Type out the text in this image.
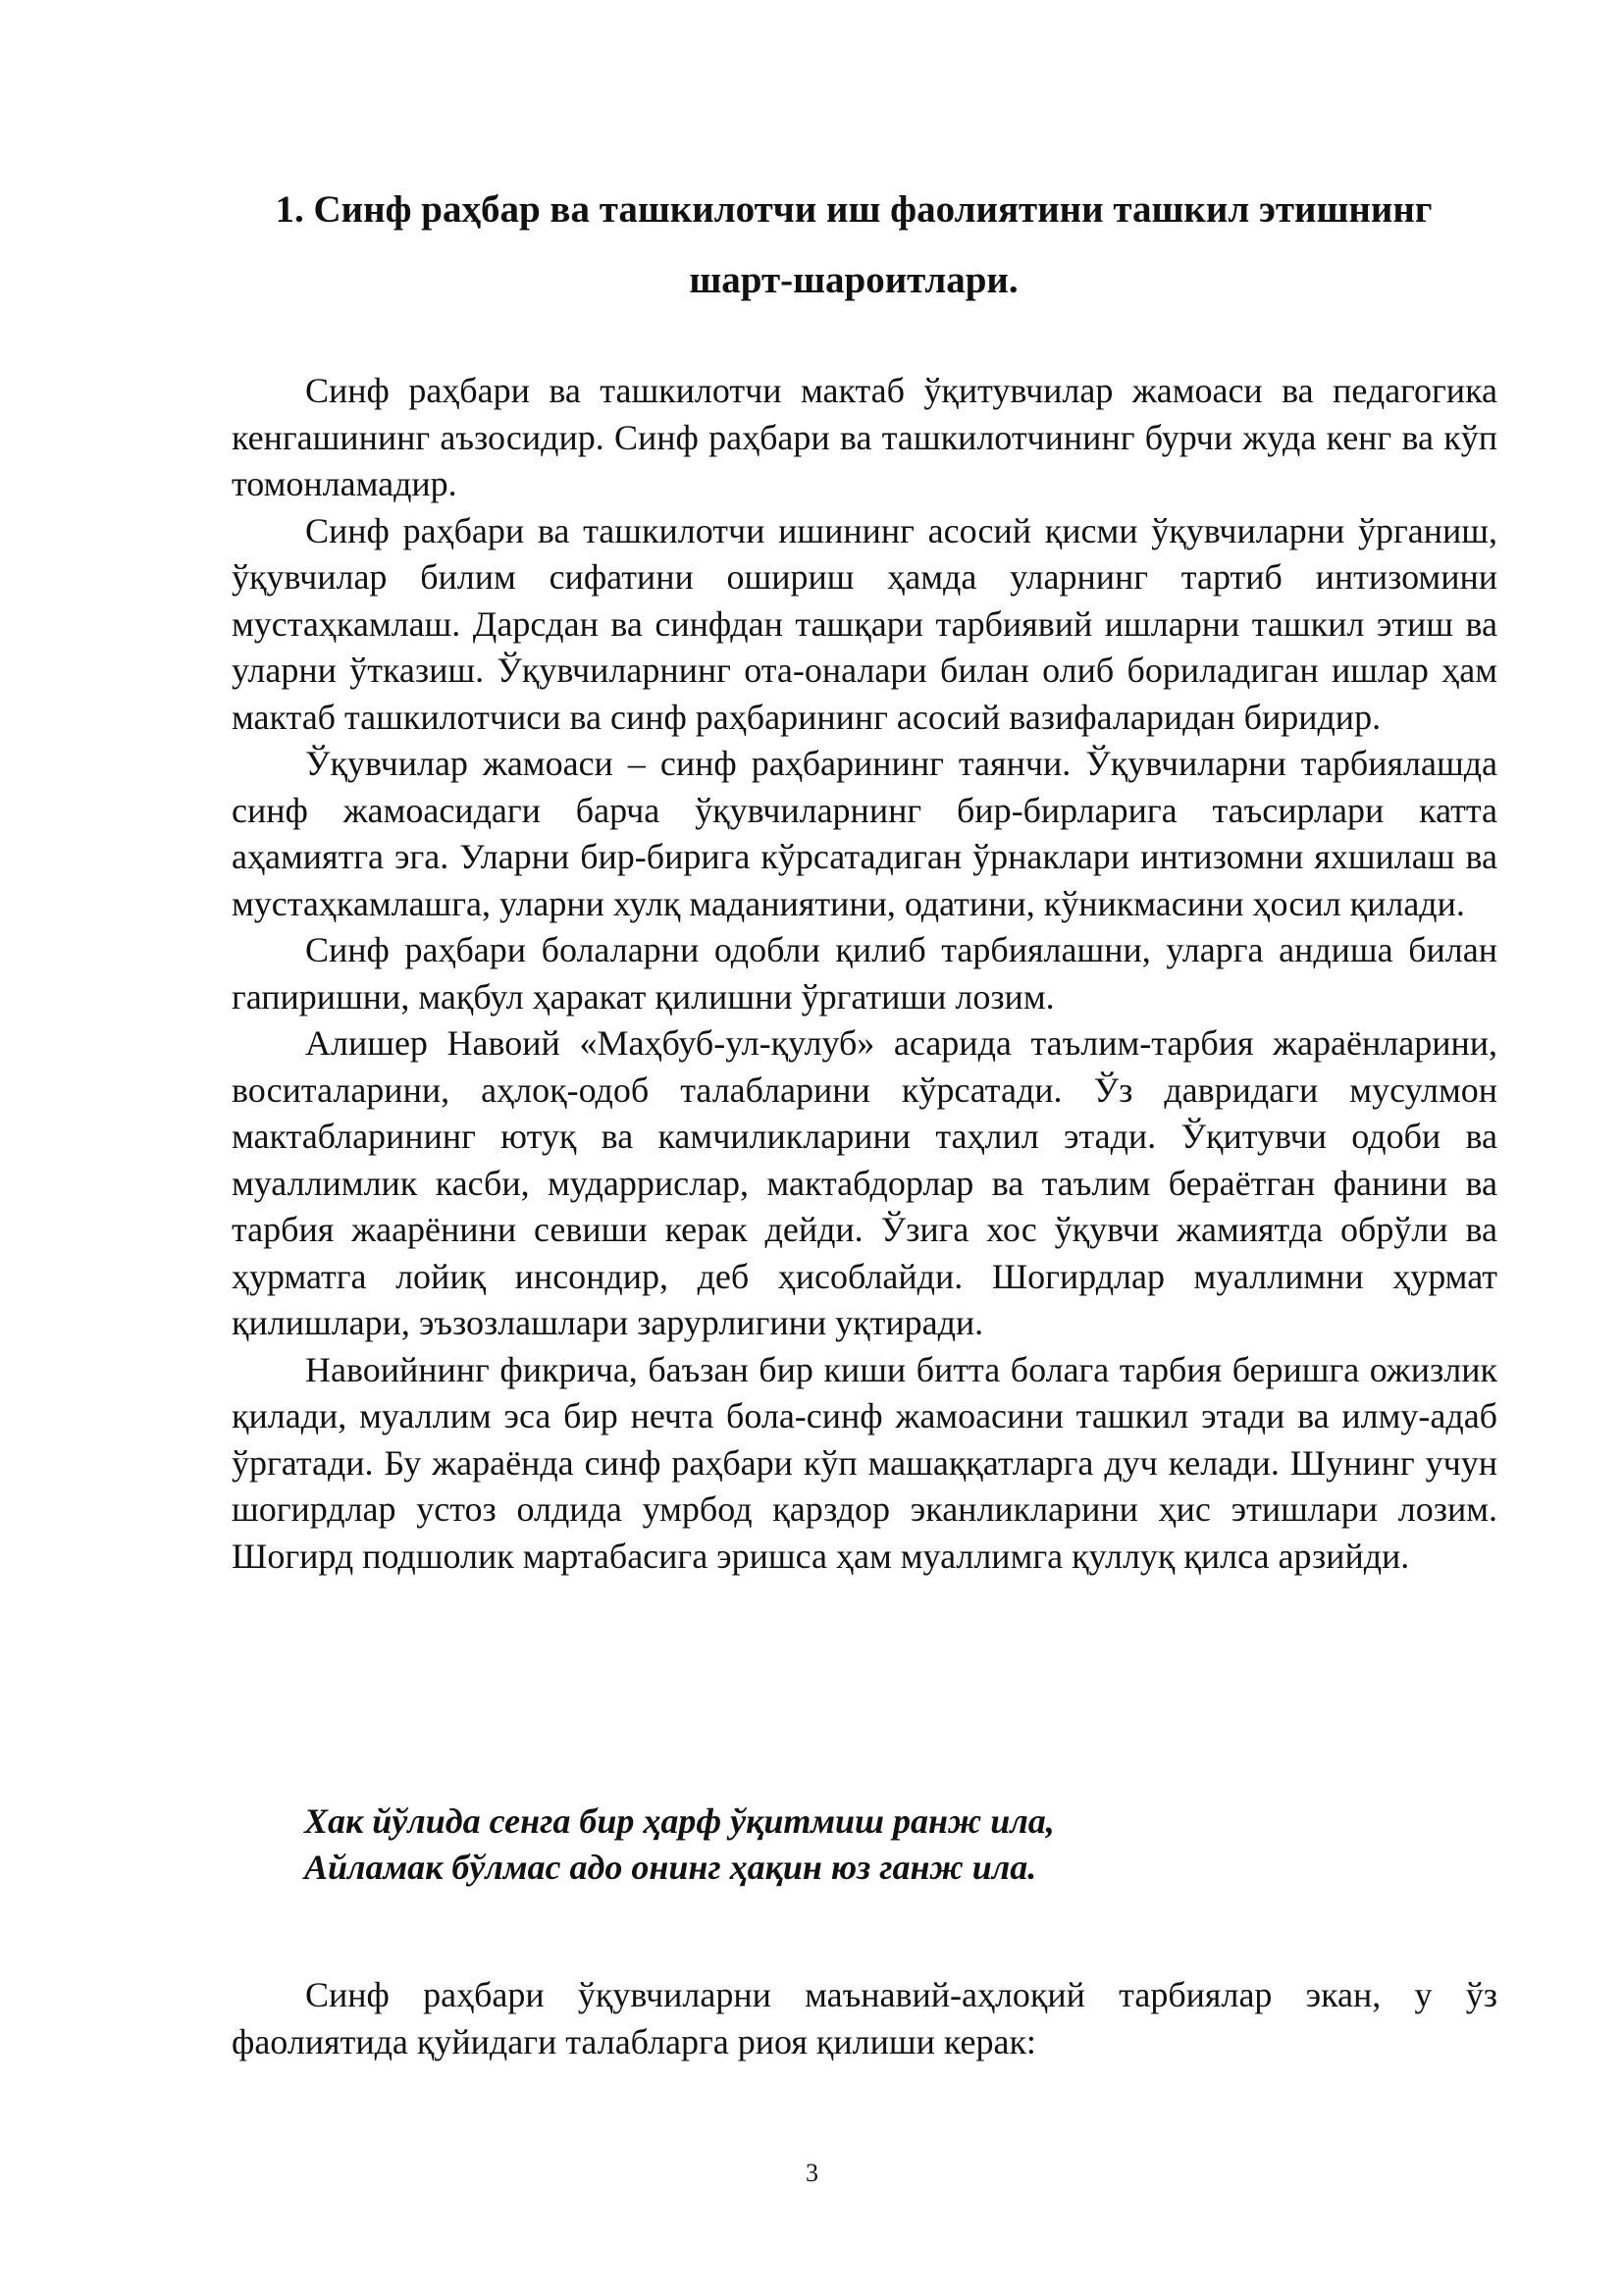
1. Синф раҳбар ва ташкилотчи иш фаолиятини ташкил этишнинг
шарт-шароитлари.

Синф раҳбари ва ташкилотчи мактаб ўқитувчилар жамоаси ва педагогика кенгашининг аъзосидир. Синф раҳбари ва ташкилотчининг бурчи жуда кенг ва кўп томонламадир.

Синф раҳбари ва ташкилотчи ишининг асосий қисми ўқувчиларни ўрганиш, ўқувчилар билим сифатини ошириш ҳамда уларнинг тартиб интизомини мустаҳкамлаш. Дарсдан ва синфдан ташқари тарбиявий ишларни ташкил этиш ва уларни ўтказиш. Ўқувчиларнинг ота-оналари билан олиб бориладиган ишлар ҳам мактаб ташкилотчиси ва синф раҳбарининг асосий вазифаларидан биридир.

Ўқувчилар жамоаси – синф раҳбарининг таянчи. Ўқувчиларни тарбиялашда синф жамоасидаги барча ўқувчиларнинг бир-бирларига таъсирлари катта аҳамиятга эга. Уларни бир-бирига кўрсатадиган ўрнаклари интизомни яхшилаш ва мустаҳкамлашга, уларни хулқ маданиятини, одатини, кўникмасини ҳосил қилади.

Синф раҳбари болаларни одобли қилиб тарбиялашни, уларга андиша билан гапиришни, мақбул ҳаракат қилишни ўргатиши лозим.

Алишер Навоий «Маҳбуб-ул-қулуб» асарида таълим-тарбия жараёнларини, воситаларини, аҳлоқ-одоб талабларини кўрсатади. Ўз давридаги мусулмон мактабларининг ютуқ ва камчиликларини таҳлил этади. Ўқитувчи одоби ва муаллимлик касби, мударрислар, мактабдорлар ва таълим бераётган фанини ва тарбия жаарёнини севиши керак дейди. Ўзига хос ўқувчи жамиятда обрўли ва ҳурматга лойиқ инсондир, деб ҳисоблайди. Шогирдлар муаллимни ҳурмат қилишлари, эъзозлашлари зарурлигини уқтиради.

Навоийнинг фикрича, баъзан бир киши битта болага тарбия беришга ожизлик қилади, муаллим эса бир нечта бола-синф жамоасини ташкил этади ва илму-адаб ўргатади. Бу жараёнда синф раҳбари кўп машаққатларга дуч келади. Шунинг учун шогирдлар устоз олдида умрбод қарздор эканликларини ҳис этишлари лозим. Шогирд подшолик мартабасига эришса ҳам муаллимга қуллуқ қилса арзийди.

Хак йўлида сенга бир ҳарф ўқитмиш ранж ила,
Айламак бўлмас адо онинг ҳақин юз ганж ила.

Синф раҳбари ўқувчиларни маънавий-аҳлоқий тарбиялар экан, у ўз фаолиятида қуйидаги талабларга риоя қилиши керак:

3
